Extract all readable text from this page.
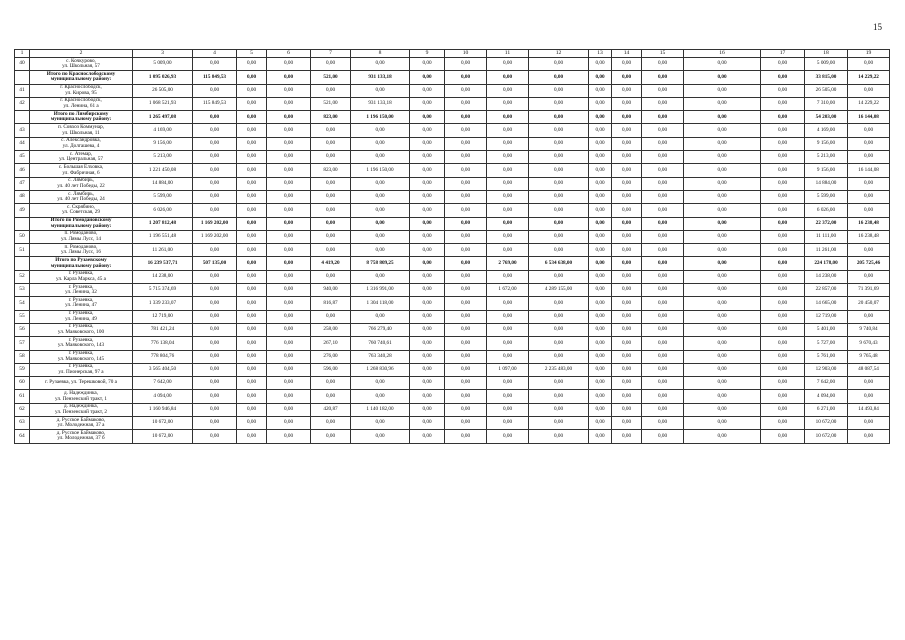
15
1	2	3	4	5	6	7	8	9	10	11	12	13	14	15	16	17	18	19
40	с. Кочкурово,
ул. Школьная, 57	5 009,00	0,00	0,00	0,00	0,00	0,00	0,00	0,00	0,00	0,00	0,00	0,00	0,00	0,00	0,00	5 009,00	0,00
	Итого по Краснослободскому
муниципальному району:	1 095 026,93	115 849,53	0,00	0,00	521,00	931 133,18	0,00	0,00	0,00	0,00	0,00	0,00	0,00	0,00	0,00	33 815,00	14 229,22
41	г. Краснослободск,
ул. Кирова, 95	26 505,00	0,00	0,00	0,00	0,00	0,00	0,00	0,00	0,00	0,00	0,00	0,00	0,00	0,00	0,00	26 505,00	0,00
42	г. Краснослободск,
ул. Ленина, 61 а	1 068 521,93	115 849,53	0,00	0,00	521,00	931 133,18	0,00	0,00	0,00	0,00	0,00	0,00	0,00	0,00	0,00	7 310,00	14 229,22
	Итого по Лямбирскому
муниципальному району:	1 265 497,08	0,00	0,00	0,00	823,00	1 196 150,00	0,00	0,00	0,00	0,00	0,00	0,00	0,00	0,00	0,00	54 203,00	16 144,08
43	п. Совхоз Коммунар,
ул. Школьная, 11	4 169,00	0,00	0,00	0,00	0,00	0,00	0,00	0,00	0,00	0,00	0,00	0,00	0,00	0,00	0,00	4 169,00	0,00
44	с. Александровка,
ул. Долгашева, 4	9 156,00	0,00	0,00	0,00	0,00	0,00	0,00	0,00	0,00	0,00	0,00	0,00	0,00	0,00	0,00	9 156,00	0,00
45	с. Атемар,
ул. Центральная, 57	5 213,00	0,00	0,00	0,00	0,00	0,00	0,00	0,00	0,00	0,00	0,00	0,00	0,00	0,00	0,00	5 213,00	0,00
46	с. Большая Елховка,
ул. Фабричная, 6	1 221 450,08	0,00	0,00	0,00	823,00	1 196 150,00	0,00	0,00	0,00	0,00	0,00	0,00	0,00	0,00	0,00	9 156,00	16 144,08
47	с. Лямбирь,
ул. 40 лет Победы, 22	14 884,00	0,00	0,00	0,00	0,00	0,00	0,00	0,00	0,00	0,00	0,00	0,00	0,00	0,00	0,00	14 884,00	0,00
48	с. Лямбирь,
ул. 40 лет Победы, 24	5 599,00	0,00	0,00	0,00	0,00	0,00	0,00	0,00	0,00	0,00	0,00	0,00	0,00	0,00	0,00	5 599,00	0,00
49	с. Скрябино,
ул. Советская, 29	6 026,00	0,00	0,00	0,00	0,00	0,00	0,00	0,00	0,00	0,00	0,00	0,00	0,00	0,00	0,00	6 026,00	0,00
	Итого по Ромодановскому
муниципальному району:	1 207 812,48	1 169 202,00	0,00	0,00	0,00	0,00	0,00	0,00	0,00	0,00	0,00	0,00	0,00	0,00	0,00	22 372,00	16 238,48
50	п. Ромоданово,
ул. Лямы Лусс, 14	1 196 551,48	1 169 202,00	0,00	0,00	0,00	0,00	0,00	0,00	0,00	0,00	0,00	0,00	0,00	0,00	0,00	11 111,00	16 238,48
51	п. Ромоданово,
ул. Лямы Лусс, 16	11 261,00	0,00	0,00	0,00	0,00	0,00	0,00	0,00	0,00	0,00	0,00	0,00	0,00	0,00	0,00	11 261,00	0,00
	Итого по Рузаевскому
муниципальному району:	16 239 537,71	507 135,00	0,00	0,00	4 419,20	8 758 809,25	0,00	0,00	2 769,00	6 534 638,00	0,00	0,00	0,00	0,00	0,00	224 178,00	205 725,46
52	г. Рузаевка,
ул. Карла Маркса, 45 а	14 238,00	0,00	0,00	0,00	0,00	0,00	0,00	0,00	0,00	0,00	0,00	0,00	0,00	0,00	0,00	14 238,00	0,00
53	г. Рузаевка,
ул. Ленина, 32	5 715 374,69	0,00	0,00	0,00	940,00	1 316 991,00	0,00	0,00	1 672,00	4 289 155,00	0,00	0,00	0,00	0,00	0,00	22 857,00	71 391,69
54	г. Рузаевка,
ул. Ленина, 47	1 339 233,07	0,00	0,00	0,00	816,87	1 304 118,00	0,00	0,00	0,00	0,00	0,00	0,00	0,00	0,00	0,00	14 665,00	20 450,07
55	г. Рузаевка,
ул. Ленина, 49	12 719,00	0,00	0,00	0,00	0,00	0,00	0,00	0,00	0,00	0,00	0,00	0,00	0,00	0,00	0,00	12 719,00	0,00
56	г. Рузаевка,
ул. Маяковского, 100	781 421,24	0,00	0,00	0,00	258,00	766 279,40	0,00	0,00	0,00	0,00	0,00	0,00	0,00	0,00	0,00	5 401,00	9 740,84
57	г. Рузаевка,
ул. Маяковского, 143	776 138,04	0,00	0,00	0,00	267,10	760 740,61	0,00	0,00	0,00	0,00	0,00	0,00	0,00	0,00	0,00	5 727,00	9 670,43
58	г. Рузаевка,
ул. Маяковского, 145	778 804,76	0,00	0,00	0,00	276,00	763 340,28	0,00	0,00	0,00	0,00	0,00	0,00	0,00	0,00	0,00	5 761,00	9 765,48
59	г. Рузаевка,
ул. Пионерская, 97 а	3 565 404,50	0,00	0,00	0,00	596,00	1 268 830,96	0,00	0,00	1 097,00	2 235 483,00	0,00	0,00	0,00	0,00	0,00	12 903,00	48 087,54
60	г. Рузаевка, ул. Терешковой, 70 а	7 642,00	0,00	0,00	0,00	0,00	0,00	0,00	0,00	0,00	0,00	0,00	0,00	0,00	0,00	0,00	7 642,00	0,00
61	д. Надеждинка,
ул. Пензенский тракт, 1	4 094,00	0,00	0,00	0,00	0,00	0,00	0,00	0,00	0,00	0,00	0,00	0,00	0,00	0,00	0,00	4 094,00	0,00
62	д. Надеждинка,
ул. Пензенский тракт, 2	1 160 946,84	0,00	0,00	0,00	420,87	1 140 182,00	0,00	0,00	0,00	0,00	0,00	0,00	0,00	0,00	0,00	6 271,00	14 493,84
63	д. Русское Баймаково,
ул. Молодежная, 37 а	10 672,00	0,00	0,00	0,00	0,00	0,00	0,00	0,00	0,00	0,00	0,00	0,00	0,00	0,00	0,00	10 672,00	0,00
64	д. Русское Баймаково,
ул. Молодежная, 37 б	10 672,00	0,00	0,00	0,00	0,00	0,00	0,00	0,00	0,00	0,00	0,00	0,00	0,00	0,00	0,00	10 672,00	0,00
